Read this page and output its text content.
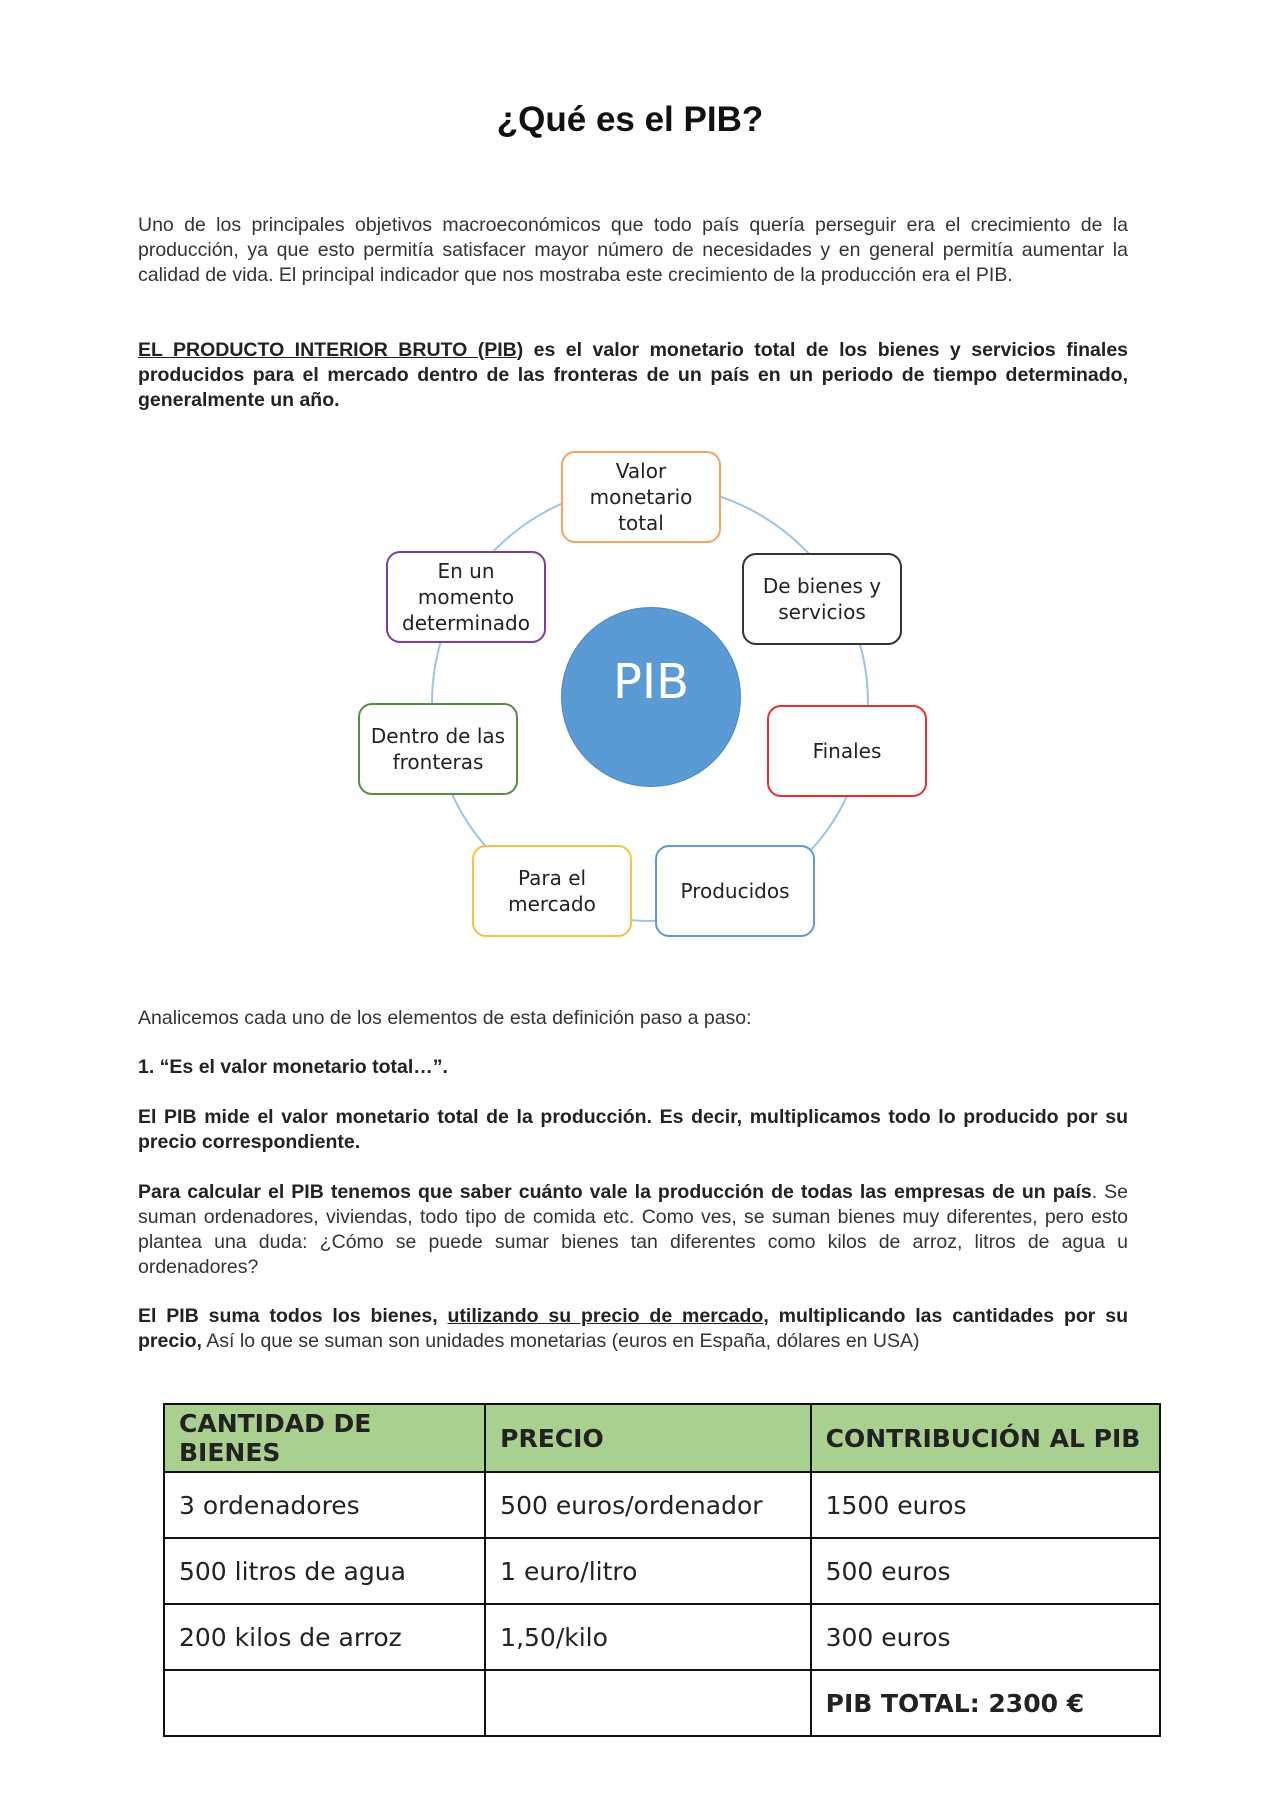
¿Qué es el PIB?

Uno de los principales objetivos macroeconómicos que todo país quería perseguir era el crecimiento de la producción, ya que esto permitía satisfacer mayor número de necesidades y en general permitía aumentar la calidad de vida. El principal indicador que nos mostraba este crecimiento de la producción era el PIB.

EL PRODUCTO INTERIOR BRUTO (PIB) es el valor monetario total de los bienes y servicios finales producidos para el mercado dentro de las fronteras de un país en un periodo de tiempo determinado, generalmente un año.

PIB
Valor monetario total
De bienes y servicios
Finales
Producidos
Para el mercado
Dentro de las fronteras
En un momento determinado

Analicemos cada uno de los elementos de esta definición paso a paso:

1. “Es el valor monetario total…”.

El PIB mide el valor monetario total de la producción. Es decir, multiplicamos todo lo producido por su precio correspondiente.

Para calcular el PIB tenemos que saber cuánto vale la producción de todas las empresas de un país. Se suman ordenadores, viviendas, todo tipo de comida etc. Como ves, se suman bienes muy diferentes, pero esto plantea una duda: ¿Cómo se puede sumar bienes tan diferentes como kilos de arroz, litros de agua u ordenadores?

El PIB suma todos los bienes, utilizando su precio de mercado, multiplicando las cantidades por su precio, Así lo que se suman son unidades monetarias (euros en España, dólares en USA)

CANTIDAD DE BIENES	PRECIO	CONTRIBUCIÓN AL PIB
3 ordenadores	500 euros/ordenador	1500 euros
500 litros de agua	1 euro/litro	500 euros
200 kilos de arroz	1,50/kilo	300 euros
		PIB TOTAL: 2300 €
